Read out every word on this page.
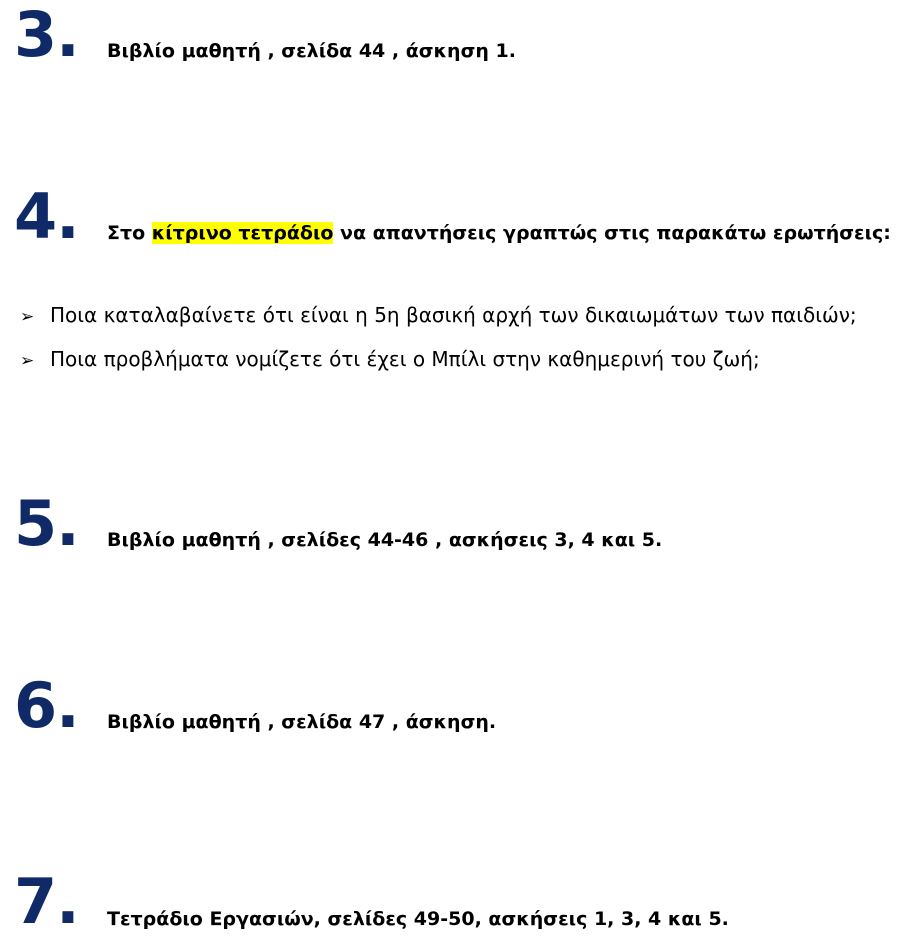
3. Βιβλίο μαθητή , σελίδα 44 , άσκηση 1.
4. Στο κίτρινο τετράδιο να απαντήσεις γραπτώς στις παρακάτω ερωτήσεις:
➢ Ποια καταλαβαίνετε ότι είναι η 5η βασική αρχή των δικαιωμάτων των παιδιών;
➢ Ποια προβλήματα νομίζετε ότι έχει ο Μπίλι στην καθημερινή του ζωή;
5. Βιβλίο μαθητή , σελίδες 44-46 , ασκήσεις 3, 4 και 5.
6. Βιβλίο μαθητή , σελίδα 47 , άσκηση.
7. Τετράδιο Εργασιών, σελίδες 49-50, ασκήσεις 1, 3, 4 και 5.
